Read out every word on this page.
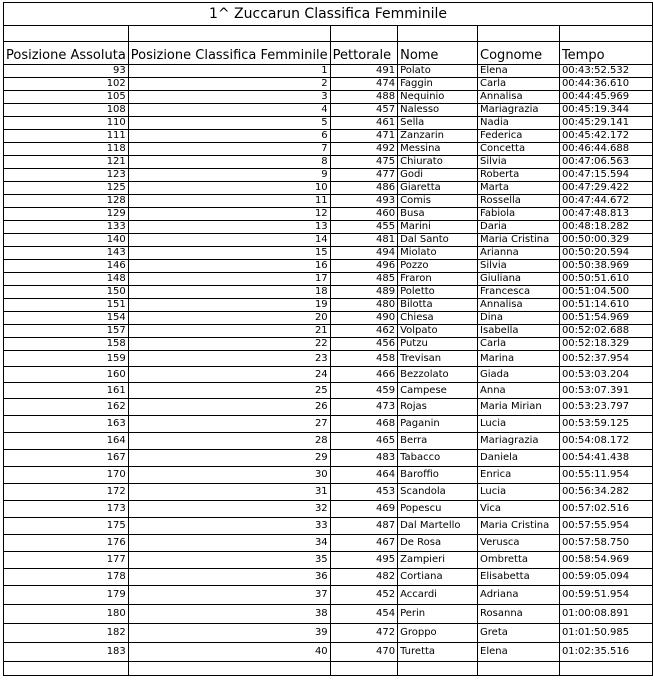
1^ Zuccarun Classifica Femminile					

Posizione Assoluta	Posizione Classifica Femminile	Pettorale	Nome	Cognome	Tempo
93	1	491	Polato	Elena	00:43:52.532
102	2	474	Faggin	Carla	00:44:36.610
105	3	488	Nequinio	Annalisa	00:44:45.969
108	4	457	Nalesso	Mariagrazia	00:45:19.344
110	5	461	Sella	Nadia	00:45:29.141
111	6	471	Zanzarin	Federica	00:45:42.172
118	7	492	Messina	Concetta	00:46:44.688
121	8	475	Chiurato	Silvia	00:47:06.563
123	9	477	Godi	Roberta	00:47:15.594
125	10	486	Giaretta	Marta	00:47:29.422
128	11	493	Comis	Rossella	00:47:44.672
129	12	460	Busa	Fabiola	00:47:48.813
133	13	455	Marini	Daria	00:48:18.282
140	14	481	Dal Santo	Maria Cristina	00:50:00.329
143	15	494	Miolato	Arianna	00:50:20.594
146	16	496	Pozzo	Silvia	00:50:38.969
148	17	485	Fraron	Giuliana	00:50:51.610
150	18	489	Poletto	Francesca	00:51:04.500
151	19	480	Bilotta	Annalisa	00:51:14.610
154	20	490	Chiesa	Dina	00:51:54.969
157	21	462	Volpato	Isabella	00:52:02.688
158	22	456	Putzu	Carla	00:52:18.329
159	23	458	Trevisan	Marina	00:52:37.954
160	24	466	Bezzolato	Giada	00:53:03.204
161	25	459	Campese	Anna	00:53:07.391
162	26	473	Rojas	Maria Mirian	00:53:23.797
163	27	468	Paganin	Lucia	00:53:59.125
164	28	465	Berra	Mariagrazia	00:54:08.172
167	29	483	Tabacco	Daniela	00:54:41.438
170	30	464	Baroffio	Enrica	00:55:11.954
172	31	453	Scandola	Lucia	00:56:34.282
173	32	469	Popescu	Vica	00:57:02.516
175	33	487	Dal Martello	Maria Cristina	00:57:55.954
176	34	467	De Rosa	Verusca	00:57:58.750
177	35	495	Zampieri	Ombretta	00:58:54.969
178	36	482	Cortiana	Elisabetta	00:59:05.094
179	37	452	Accardi	Adriana	00:59:51.954
180	38	454	Perin	Rosanna	01:00:08.891
182	39	472	Groppo	Greta	01:01:50.985
183	40	470	Turetta	Elena	01:02:35.516
